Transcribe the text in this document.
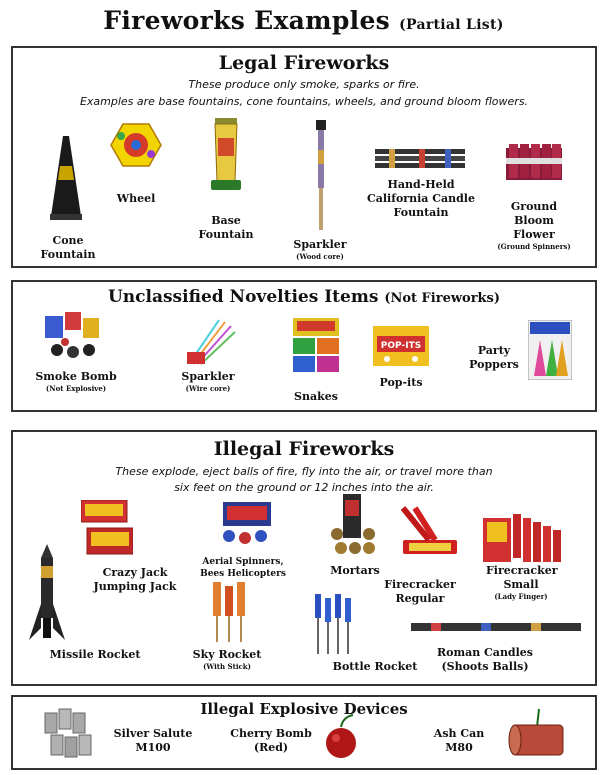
Fireworks Examples (Partial List)
Legal Fireworks
These produce only smoke, sparks or fire.
Examples are base fountains, cone fountains, wheels, and ground bloom flowers.
Cone Fountain
Wheel
Base Fountain
Sparkler
(Wood core)
Hand-Held California Candle Fountain	Ground Bloom Flower
(Ground Spinners)
Unclassified Novelties Items (Not Fireworks)
Smoke Bomb
(Not Explosive)
Sparkler
(Wire core)
Snakes
POP-ITS
Pop-its
Party Poppers
Illegal Fireworks
These explode, eject balls of fire, fly into the air, or travel more than
six feet on the ground or 12 inches into the air.
Crazy Jack Jumping Jack
Missile Rocket
Aerial Spinners, Bees Helicopters	Mortars
Firecracker Regular
Firecracker Small
(Lady Finger)
Sky Rocket
(With Stick)	Bottle Rocket
Roman Candles (Shoots Balls)
Illegal Explosive Devices
Silver Salute M100
Cherry Bomb (Red)
Ash Can M80
